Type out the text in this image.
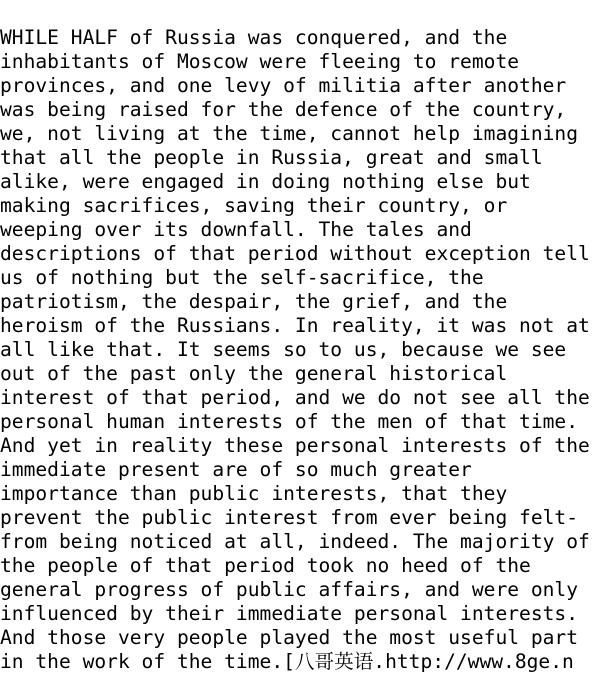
WHILE HALF of Russia was conquered, and the
inhabitants of Moscow were fleeing to remote
provinces, and one levy of militia after another
was being raised for the defence of the country,
we, not living at the time, cannot help imagining
that all the people in Russia, great and small
alike, were engaged in doing nothing else but
making sacrifices, saving their country, or
weeping over its downfall. The tales and
descriptions of that period without exception tell
us of nothing but the self-sacrifice, the
patriotism, the despair, the grief, and the
heroism of the Russians. In reality, it was not at
all like that. It seems so to us, because we see
out of the past only the general historical
interest of that period, and we do not see all the
personal human interests of the men of that time.
And yet in reality these personal interests of the
immediate present are of so much greater
importance than public interests, that they
prevent the public interest from ever being felt-
from being noticed at all, indeed. The majority of
the people of that period took no heed of the
general progress of public affairs, and were only
influenced by their immediate personal interests.
And those very people played the most useful part
in the work of the time.[八哥英语.http://www.8ge.n
